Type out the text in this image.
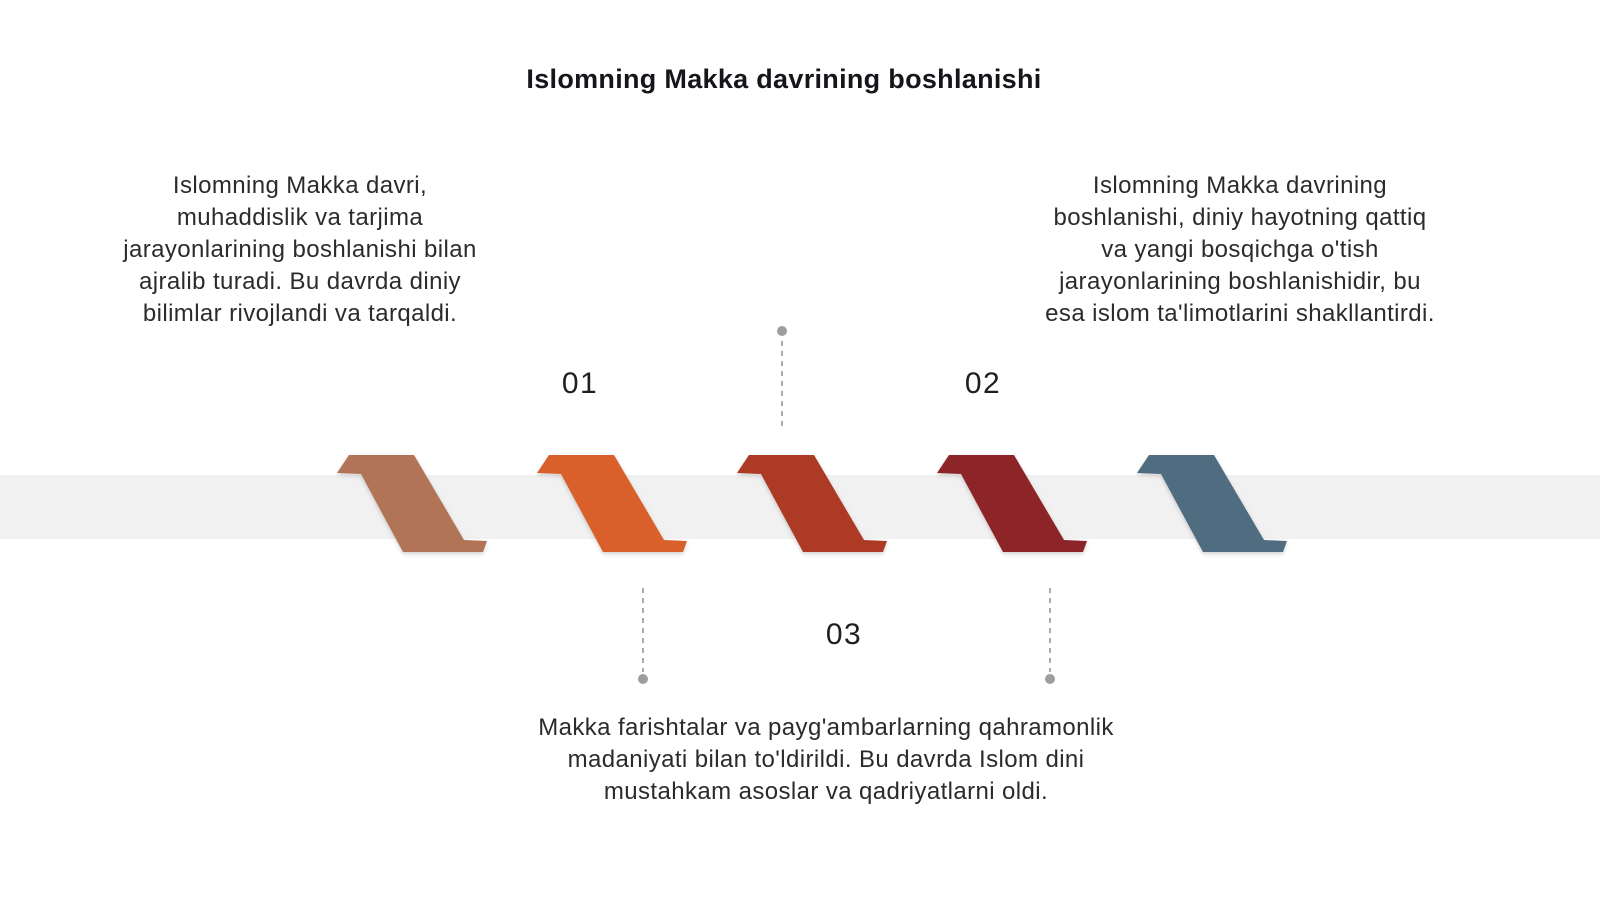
Islomning Makka davrining boshlanishi
Islomning Makka davri,
muhaddislik va tarjima
jarayonlarining boshlanishi bilan
ajralib turadi. Bu davrda diniy
bilimlar rivojlandi va tarqaldi.
Islomning Makka davrining
boshlanishi, diniy hayotning qattiq
va yangi bosqichga o'tish
jarayonlarining boshlanishidir, bu
esa islom ta'limotlarini shakllantirdi.
Makka farishtalar va payg'ambarlarning qahramonlik
madaniyati bilan to'ldirildi. Bu davrda Islom dini
mustahkam asoslar va qadriyatlarni oldi.
01	02
03
